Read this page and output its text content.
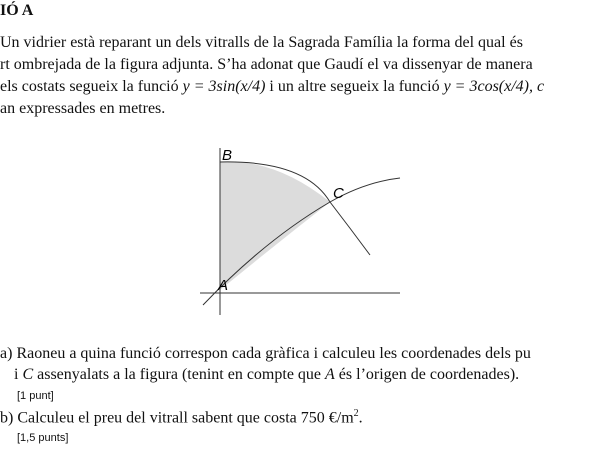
IÓ A
Un vidrier està reparant un dels vitralls de la Sagrada Família la forma del qual és
rt ombrejada de la figura adjunta. S’ha adonat que Gaudí el va dissenyar de manera
els costats segueix la funció y = 3sin(x/4) i un altre segueix la funció y = 3cos(x/4), c
an expressades en metres.
B
C
A
a) Raoneu a quina funció correspon cada gràfica i calculeu les coordenades dels pu
i C assenyalats a la figura (tenint en compte que A és l’origen de coordenades).
[1 punt]
b) Calculeu el preu del vitrall sabent que costa 750 $€/m^2$.
[1,5 punts]
